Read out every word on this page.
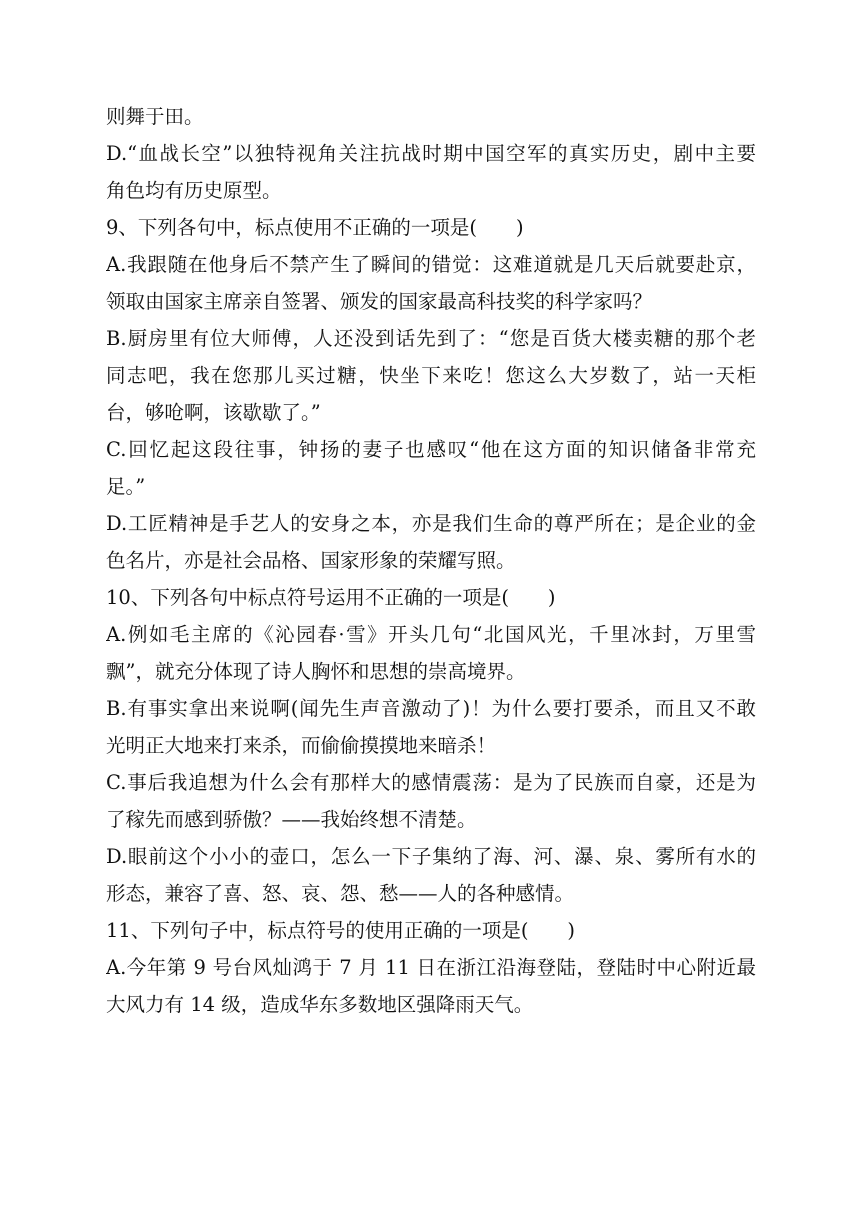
则舞于田。
D.“血战长空”以独特视角关注抗战时期中国空军的真实历史，剧中主要
角色均有历史原型。
9、下列各句中，标点使用不正确的一项是(　　)
A.我跟随在他身后不禁产生了瞬间的错觉：这难道就是几天后就要赴京，
领取由国家主席亲自签署、颁发的国家最高科技奖的科学家吗？
B.厨房里有位大师傅，人还没到话先到了：“您是百货大楼卖糖的那个老
同志吧，我在您那儿买过糖，快坐下来吃！您这么大岁数了，站一天柜
台，够呛啊，该歇歇了。”
C.回忆起这段往事，钟扬的妻子也感叹“他在这方面的知识储备非常充
足。”
D.工匠精神是手艺人的安身之本，亦是我们生命的尊严所在；是企业的金
色名片，亦是社会品格、国家形象的荣耀写照。
10、下列各句中标点符号运用不正确的一项是(　　)
A.例如毛主席的《沁园春·雪》开头几句“北国风光，千里冰封，万里雪
飘”，就充分体现了诗人胸怀和思想的崇高境界。
B.有事实拿出来说啊(闻先生声音激动了)！为什么要打要杀，而且又不敢
光明正大地来打来杀，而偷偷摸摸地来暗杀！
C.事后我追想为什么会有那样大的感情震荡：是为了民族而自豪，还是为
了稼先而感到骄傲？——我始终想不清楚。
D.眼前这个小小的壶口，怎么一下子集纳了海、河、瀑、泉、雾所有水的
形态，兼容了喜、怒、哀、怨、愁——人的各种感情。
11、下列句子中，标点符号的使用正确的一项是(　　)
A.今年第 9 号台风灿鸿于 7 月 11 日在浙江沿海登陆，登陆时中心附近最
大风力有 14 级，造成华东多数地区强降雨天气。
